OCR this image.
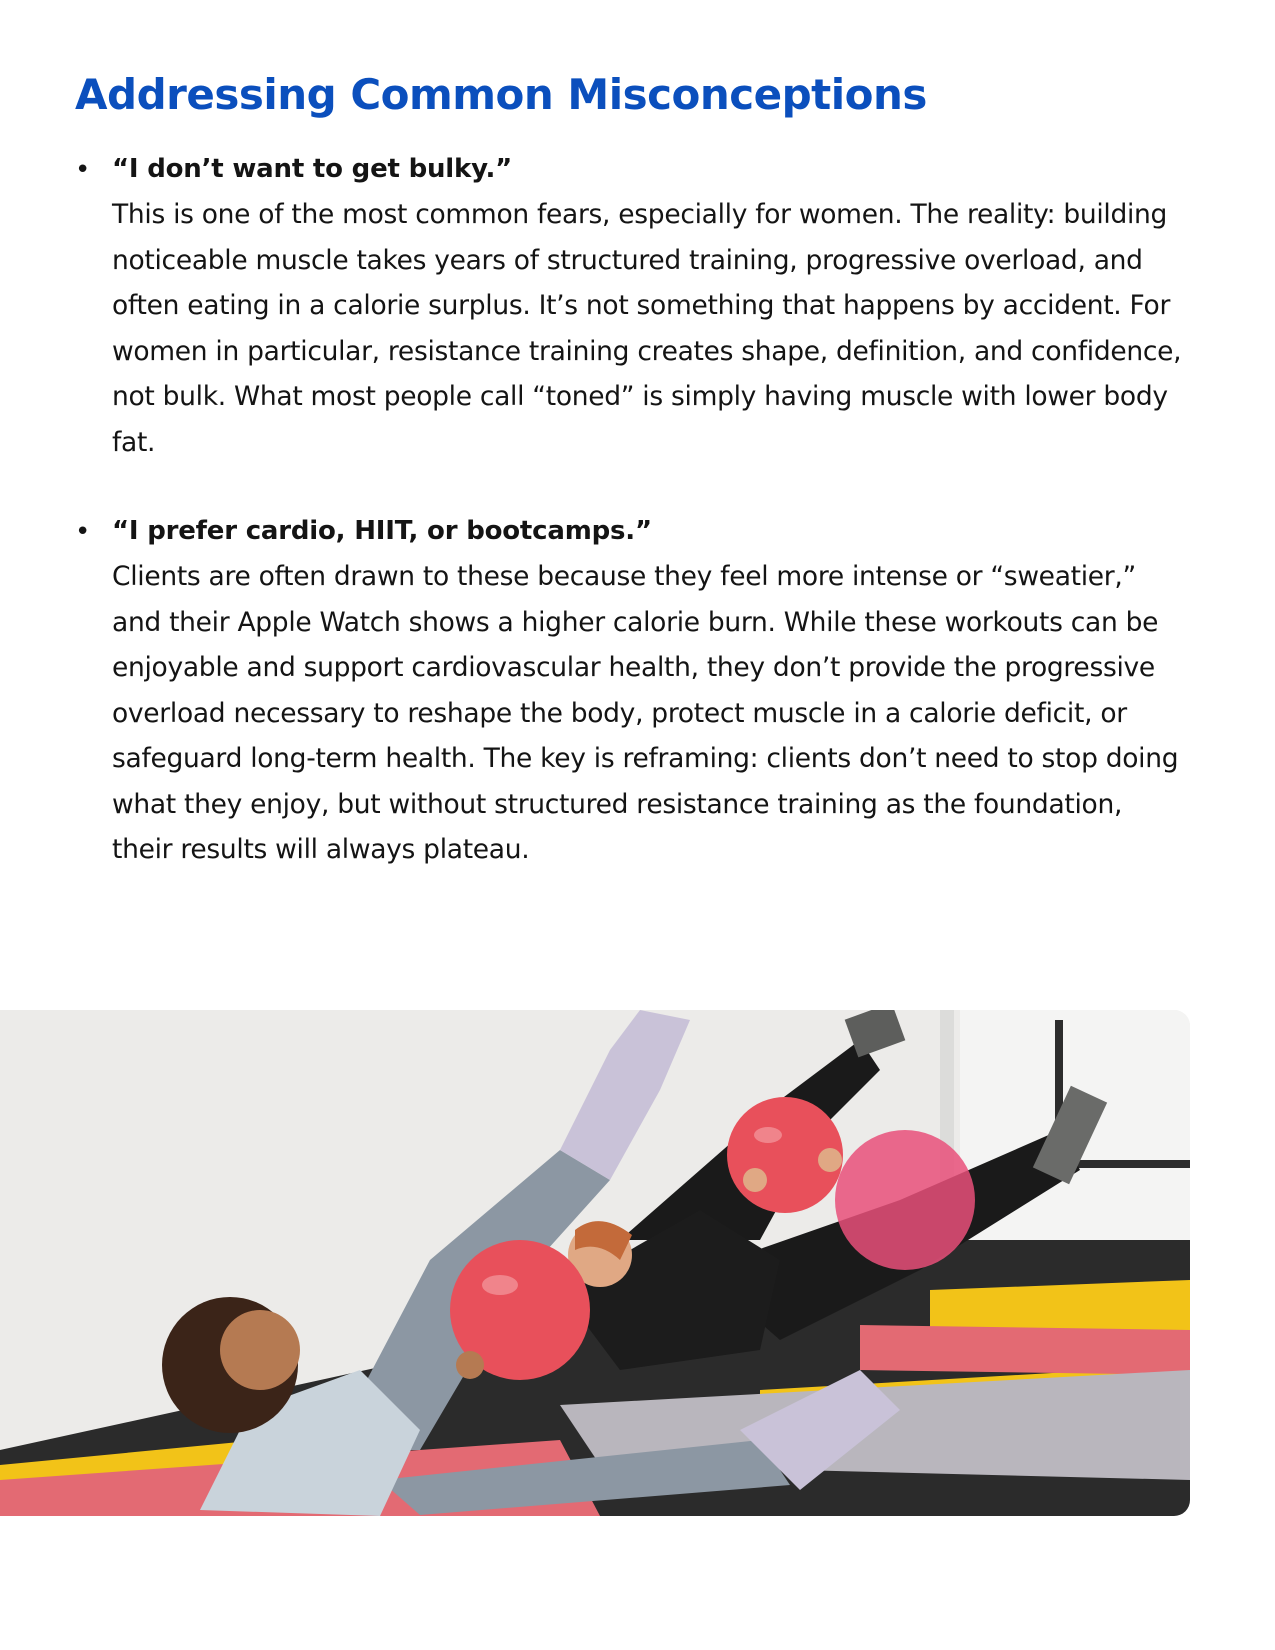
Addressing Common Misconceptions
• “I don’t want to get bulky.”
This is one of the most common fears, especially for women. The reality: building noticeable muscle takes years of structured training, progressive overload, and often eating in a calorie surplus. It’s not something that happens by accident. For women in particular, resistance training creates shape, definition, and confidence, not bulk. What most people call “toned” is simply having muscle with lower body fat.
• “I prefer cardio, HIIT, or bootcamps.”
Clients are often drawn to these because they feel more intense or “sweatier,” and their Apple Watch shows a higher calorie burn. While these workouts can be enjoyable and support cardiovascular health, they don’t provide the progressive overload necessary to reshape the body, protect muscle in a calorie deficit, or safeguard long-term health. The key is reframing: clients don’t need to stop doing what they enjoy, but without structured resistance training as the foundation, their results will always plateau.
